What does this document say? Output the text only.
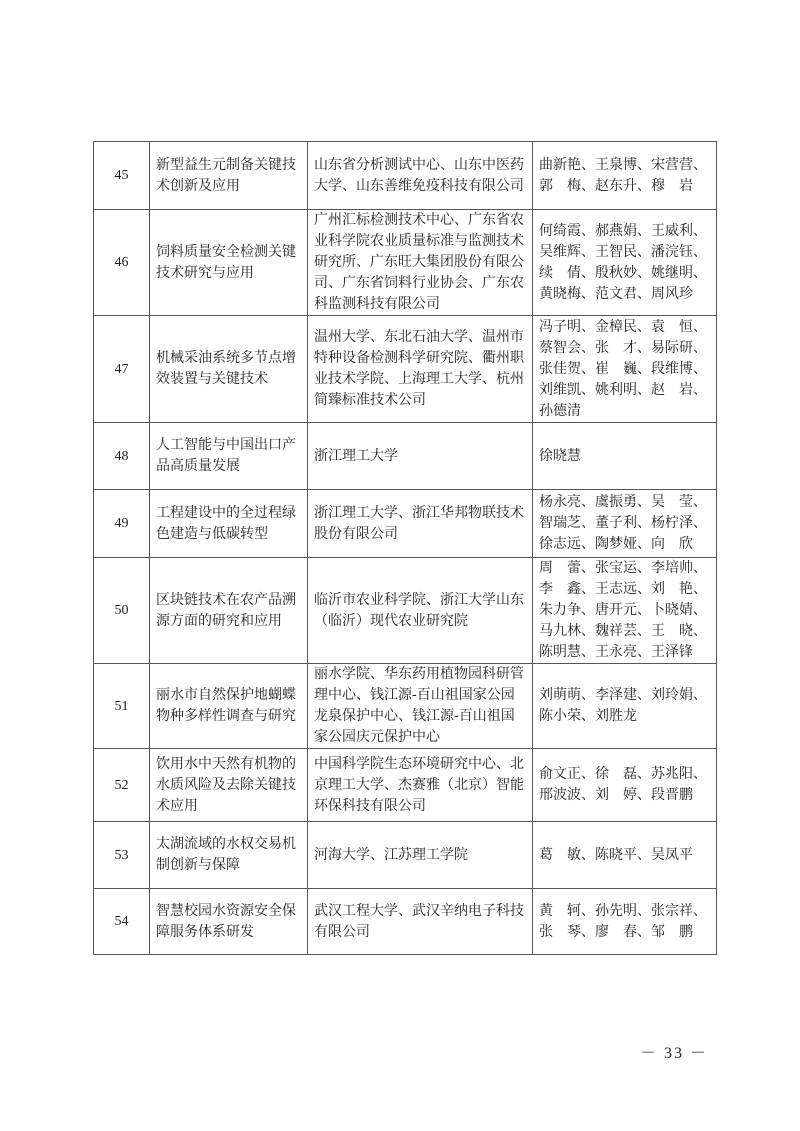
45	新型益生元制备关键技术创新及应用	山东省分析测试中心、山东中医药大学、山东善维免疫科技有限公司	曲新艳、王泉博、宋营营、郭　梅、赵东升、穆　岩
46	饲料质量安全检测关键技术研究与应用	广州汇标检测技术中心、广东省农业科学院农业质量标准与监测技术研究所、广东旺大集团股份有限公司、广东省饲料行业协会、广东农科监测科技有限公司	何绮霞、郝燕娟、王威利、吴维辉、王智民、潘浣钰、续　倩、殷秋妙、姚继明、黄晓梅、范文君、周风珍
47	机械采油系统多节点增效装置与关键技术	温州大学、东北石油大学、温州市特种设备检测科学研究院、衢州职业技术学院、上海理工大学、杭州简臻标准技术公司	冯子明、金樟民、袁　恒、蔡智会、张　才、易际研、张佳贺、崔　巍、段维博、刘维凯、姚利明、赵　岩、孙德清
48	人工智能与中国出口产品高质量发展	浙江理工大学	徐晓慧
49	工程建设中的全过程绿色建造与低碳转型	浙江理工大学、浙江华邦物联技术股份有限公司	杨永亮、虞振勇、吴　莹、智瑞芝、董子利、杨柠泽、徐志远、陶梦娅、向　欣
50	区块链技术在农产品溯源方面的研究和应用	临沂市农业科学院、浙江大学山东（临沂）现代农业研究院	周　蕾、张宝运、李培帅、李　鑫、王志远、刘　艳、朱力争、唐开元、卜晓婧、马九林、魏祥芸、王　晓、陈明慧、王永亮、王泽锋
51	丽水市自然保护地蝴蝶物种多样性调查与研究	丽水学院、华东药用植物园科研管理中心、钱江源-百山祖国家公园龙泉保护中心、钱江源-百山祖国家公园庆元保护中心	刘萌萌、李泽建、刘玲娟、陈小荣、刘胜龙
52	饮用水中天然有机物的水质风险及去除关键技术应用	中国科学院生态环境研究中心、北京理工大学、杰赛雅（北京）智能环保科技有限公司	俞文正、徐　磊、苏兆阳、邢波波、刘　婷、段晋鹏
53	太湖流域的水权交易机制创新与保障	河海大学、江苏理工学院	葛　敏、陈晓平、吴凤平
54	智慧校园水资源安全保障服务体系研发	武汉工程大学、武汉辛纳电子科技有限公司	黄　轲、孙先明、张宗祥、张　琴、廖　春、邹　鹏
－ 33 －
